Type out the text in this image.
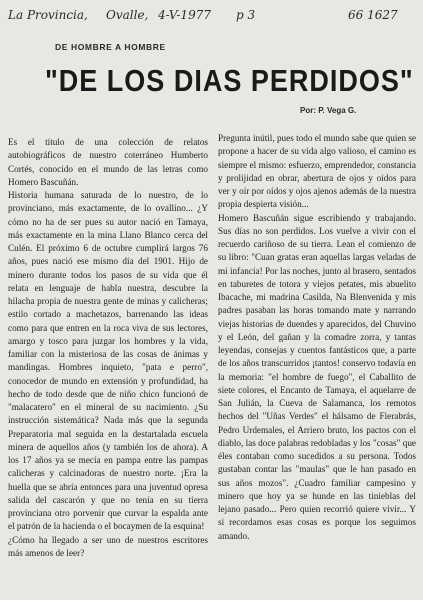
La Provincia, Ovalle, 4-V-1977 p 3	66 1627
DE HOMBRE A HOMBRE
"DE LOS DIAS PERDIDOS"
Por: P. Vega G.

Es el título de una colección de relatos autobiográficos de nuestro coterráneo Humberto Cortés, conocido en el mundo de las letras como Homero Bascuñán.

Historia humana saturada de lo nuestro, de lo provinciano, más exactamente, de lo ovallino... ¿Y cómo no ha de ser pues su autor nació en Tamaya, más exactamente en la mina Llano Blanco cerca del Culén. El próximo 6 de octubre cumplirá largos 76 años, pues nació ese mismo día del 1901. Hijo de minero durante todos los pasos de su vida que él relata en lenguaje de habla nuestra, descubre la hilacha propia de nuestra gente de minas y calicheras; estilo cortado a machetazos, barrenando las ideas como para que entren en la roca viva de sus lectores, amargo y tosco para juzgar los hombres y la vida, familiar con la misteriosa de las cosas de ánimas y mandingas. Hombres inquieto, "pata e perro", conocedor de mundo en extensión y profundidad, ha hecho de todo desde que de niño chico funcionó de "malacatero" en el mineral de su nacimiento. ¿Su instrucción sistemática? Nada más que la segunda Preparatoria mal seguida en la destartalada escuela minera de aquellos años (y también los de ahora). A los 17 años ya se mecía en pampa entre las pampas calicheras y calcinadoras de nuestro norte. ¡Era la huella que se abría entonces para una juventud opresa salida del cascarón y que no tenía en su tierra provinciana otro porvenir que curvar la espalda ante el patrón de la hacienda o el bocaymen de la esquina!

¿Cómo ha llegado a ser uno de nuestros escritores más amenos de leer?

Pregunta inútil, pues todo el mundo sabe que quien se propone a hacer de su vida algo valioso, el camino es siempre el mismo: esfuerzo, emprendedor, constancia y prolijidad en obrar, abertura de ojos y oídos para ver y oír por oídos y ojos ajenos además de la nuestra propia despierta visión...

Homero Bascuñán sigue escribiendo y trabajando. Sus días no son perdidos. Los vuelve a vivir con el recuerdo cariñoso de su tierra. Lean el comienzo de su libro: "Cuan gratas eran aquellas largas veladas de mi infancia! Por las noches, junto al brasero, sentados en taburetes de totora y viejos petates, mis abuelito Ibacache, mi madrina Casilda, Na Blenvenida y mis padres pasaban las horas tomando mate y narrando viejas historias de duendes y aparecidos, del Chuvino y el León, del gañan y la comadre zorra, y tantas leyendas, consejas y cuentos fantásticos que, a parte de los años transcurridos ¡tantos! conservo todavía en la memoria: "el hombre de fuego", el Caballito de siete colores, el Encanto de Tamaya, el aquelarre de San Julián, la Cueva de Salamanca, los remotos hechos del "Uñas Verdes" el hálsamo de Fierabrás, Pedro Urdemales, el Arriero bruto, los pactos con el diablo, las doce palabras redobladas y los "cosas" que éles contaban como sucedidos a su persona. Todos gustaban contar las "maulas" que le han pasado en sus años mozos". ¿Cuadro familiar campesino y minero que hoy ya se hunde en las tinieblas del lejano pasado... Pero quien recorrió quiere vivir... Y si recordamos esas cosas es porque los seguimos amando.
